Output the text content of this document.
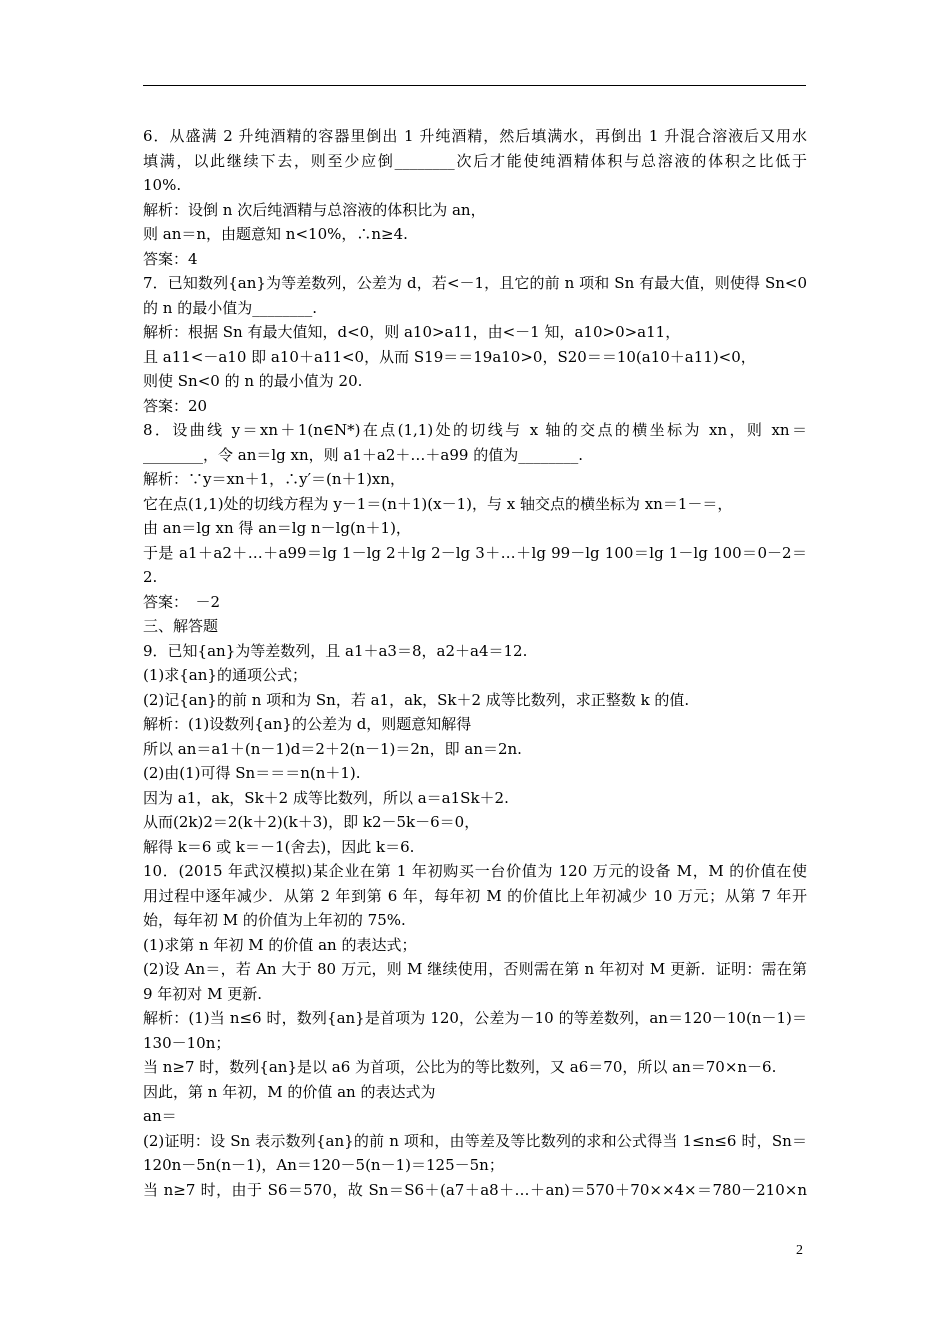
6．从盛满 2 升纯酒精的容器里倒出 1 升纯酒精，然后填满水，再倒出 1 升混合溶液后又用水
填满，以此继续下去，则至少应倒________次后才能使纯酒精体积与总溶液的体积之比低于
10%.
解析：设倒 n 次后纯酒精与总溶液的体积比为 an，
则 an＝n，由题意知 n<10%，∴n≥4.
答案：4
7．已知数列{an}为等差数列，公差为 d，若<－1，且它的前 n 项和 Sn 有最大值，则使得 Sn<0
的 n 的最小值为________.
解析：根据 Sn 有最大值知，d<0，则 a10>a11，由<－1 知，a10>0>a11，
且 a11<－a10 即 a10＋a11<0，从而 S19＝＝19a10>0，S20＝＝10(a10＋a11)<0，
则使 Sn<0 的 n 的最小值为 20.
答案：20
8．设曲线 y＝xn＋1(n∈N*)在点(1,1)处的切线与 x 轴的交点的横坐标为 xn，则 xn＝
________，令 an＝lg xn，则 a1＋a2＋…＋a99 的值为________.
解析：∵y＝xn＋1，∴y′＝(n＋1)xn，
它在点(1,1)处的切线方程为 y－1＝(n＋1)(x－1)，与 x 轴交点的横坐标为 xn＝1－＝，
由 an＝lg xn 得 an＝lg n－lg(n＋1)，
于是 a1＋a2＋…＋a99＝lg 1－lg 2＋lg 2－lg 3＋…＋lg 99－lg 100＝lg 1－lg 100＝0－2＝
2.
答案：　－2
三、解答题
9．已知{an}为等差数列，且 a1＋a3＝8，a2＋a4＝12.
(1)求{an}的通项公式；
(2)记{an}的前 n 项和为 Sn，若 a1，ak，Sk＋2 成等比数列，求正整数 k 的值.
解析：(1)设数列{an}的公差为 d，则题意知解得
所以 an＝a1＋(n－1)d＝2＋2(n－1)＝2n，即 an＝2n.
(2)由(1)可得 Sn＝＝＝n(n＋1).
因为 a1，ak，Sk＋2 成等比数列，所以 a＝a1Sk＋2.
从而(2k)2＝2(k＋2)(k＋3)，即 k2－5k－6＝0，
解得 k＝6 或 k＝－1(舍去)，因此 k＝6.
10．(2015 年武汉模拟)某企业在第 1 年初购买一台价值为 120 万元的设备 M，M 的价值在使
用过程中逐年减少．从第 2 年到第 6 年，每年初 M 的价值比上年初减少 10 万元；从第 7 年开
始，每年初 M 的价值为上年初的 75%.
(1)求第 n 年初 M 的价值 an 的表达式；
(2)设 An＝，若 An 大于 80 万元，则 M 继续使用，否则需在第 n 年初对 M 更新．证明：需在第
9 年初对 M 更新.
解析：(1)当 n≤6 时，数列{an}是首项为 120，公差为－10 的等差数列，an＝120－10(n－1)＝
130－10n；
当 n≥7 时，数列{an}是以 a6 为首项，公比为的等比数列，又 a6＝70，所以 an＝70×n－6.
因此，第 n 年初，M 的价值 an 的表达式为
an＝
(2)证明：设 Sn 表示数列{an}的前 n 项和，由等差及等比数列的求和公式得当 1≤n≤6 时，Sn＝
120n－5n(n－1)，An＝120－5(n－1)＝125－5n；
当 n≥7 时，由于 S6＝570，故 Sn＝S6＋(a7＋a8＋…＋an)＝570＋70××4×＝780－210×n
2
